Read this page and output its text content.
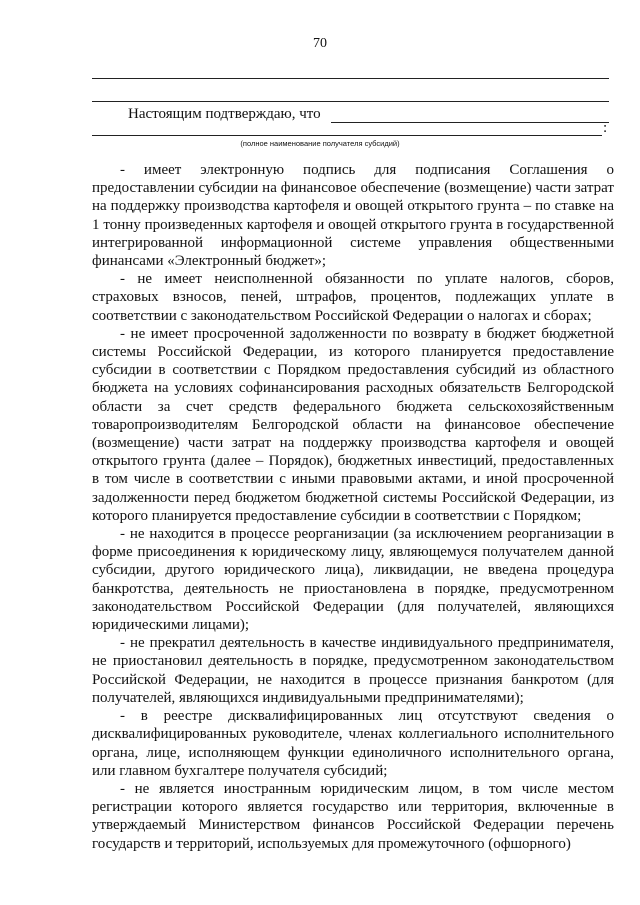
70
Настоящим подтверждаю, что
:
(полное наименование получателя субсидий)

- имеет электронную подпись для подписания Соглашения о предоставлении субсидии на финансовое обеспечение (возмещение) части затрат на поддержку производства картофеля и овощей открытого грунта – по ставке на 1 тонну произведенных картофеля и овощей открытого грунта в государственной интегрированной информационной системе управления общественными финансами «Электронный бюджет»;

- не имеет неисполненной обязанности по уплате налогов, сборов, страховых взносов, пеней, штрафов, процентов, подлежащих уплате в соответствии с законодательством Российской Федерации о налогах и сборах;

- не имеет просроченной задолженности по возврату в бюджет бюджетной системы Российской Федерации, из которого планируется предоставление субсидии в соответствии с Порядком предоставления субсидий из областного бюджета на условиях софинансирования расходных обязательств Белгородской области за счет средств федерального бюджета сельскохозяйственным товаропроизводителям Белгородской области на финансовое обеспечение (возмещение) части затрат на поддержку производства картофеля и овощей открытого грунта (далее – Порядок), бюджетных инвестиций, предоставленных в том числе в соответствии с иными правовыми актами, и иной просроченной задолженности перед бюджетом бюджетной системы Российской Федерации, из которого планируется предоставление субсидии в соответствии с Порядком;

- не находится в процессе реорганизации (за исключением реорганизации в форме присоединения к юридическому лицу, являющемуся получателем данной субсидии, другого юридического лица), ликвидации, не введена процедура банкротства, деятельность не приостановлена в порядке, предусмотренном законодательством Российской Федерации (для получателей, являющихся юридическими лицами);

- не прекратил деятельность в качестве индивидуального предпринимателя, не приостановил деятельность в порядке, предусмотренном законодательством Российской Федерации, не находится в процессе признания банкротом (для получателей, являющихся индивидуальными предпринимателями);

- в реестре дисквалифицированных лиц отсутствуют сведения о дисквалифицированных руководителе, членах коллегиального исполнительного органа, лице, исполняющем функции единоличного исполнительного органа, или главном бухгалтере получателя субсидий;

- не является иностранным юридическим лицом, в том числе местом регистрации которого является государство или территория, включенные в утверждаемый Министерством финансов Российской Федерации перечень государств и территорий, используемых для промежуточного (офшорного)
